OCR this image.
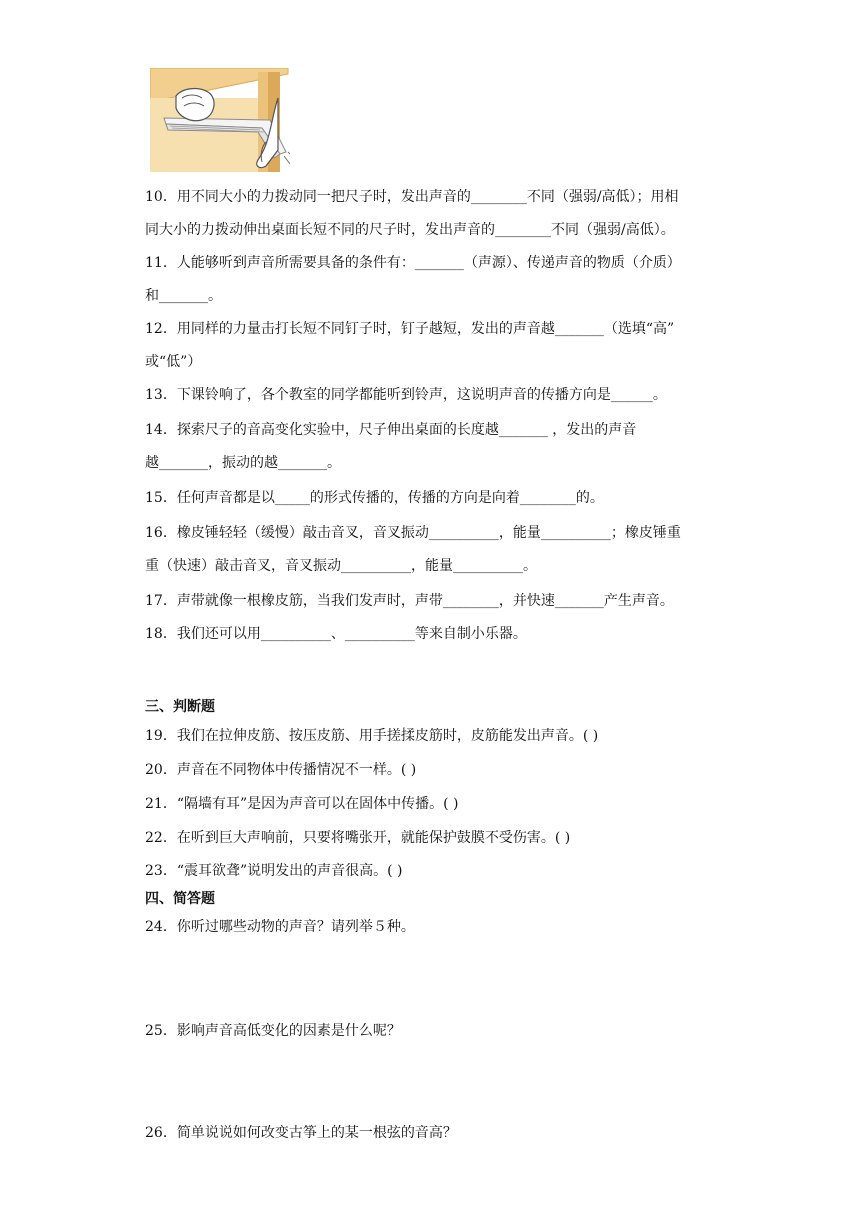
10．用不同大小的力拨动同一把尺子时，发出声音的________不同（强弱/高低）；用相
同大小的力拨动伸出桌面长短不同的尺子时，发出声音的________不同（强弱/高低）。
11．人能够听到声音所需要具备的条件有：_______（声源）、传递声音的物质（介质）
和_______。
12．用同样的力量击打长短不同钉子时，钉子越短，发出的声音越_______（选填“高”
或“低”）
13．下课铃响了，各个教室的同学都能听到铃声，这说明声音的传播方向是______。
14．探索尺子的音高变化实验中，尺子伸出桌面的长度越_______ ，发出的声音
越_______，振动的越_______。
15．任何声音都是以_____的形式传播的，传播的方向是向着________的。
16．橡皮锤轻轻（缓慢）敲击音叉，音叉振动__________，能量__________；橡皮锤重
重（快速）敲击音叉，音叉振动__________，能量__________。
17．声带就像一根橡皮筋，当我们发声时，声带________，并快速_______产生声音。
18．我们还可以用__________、__________等来自制小乐器。
三、判断题
19．我们在拉伸皮筋、按压皮筋、用手搓揉皮筋时，皮筋能发出声音。( )
20．声音在不同物体中传播情况不一样。( )
21．“隔墙有耳”是因为声音可以在固体中传播。( )
22．在听到巨大声响前，只要将嘴张开，就能保护鼓膜不受伤害。( )
23．“震耳欲聋”说明发出的声音很高。( )
四、简答题
24．你听过哪些动物的声音？请列举５种。
25．影响声音高低变化的因素是什么呢？
26．简单说说如何改变古筝上的某一根弦的音高？
